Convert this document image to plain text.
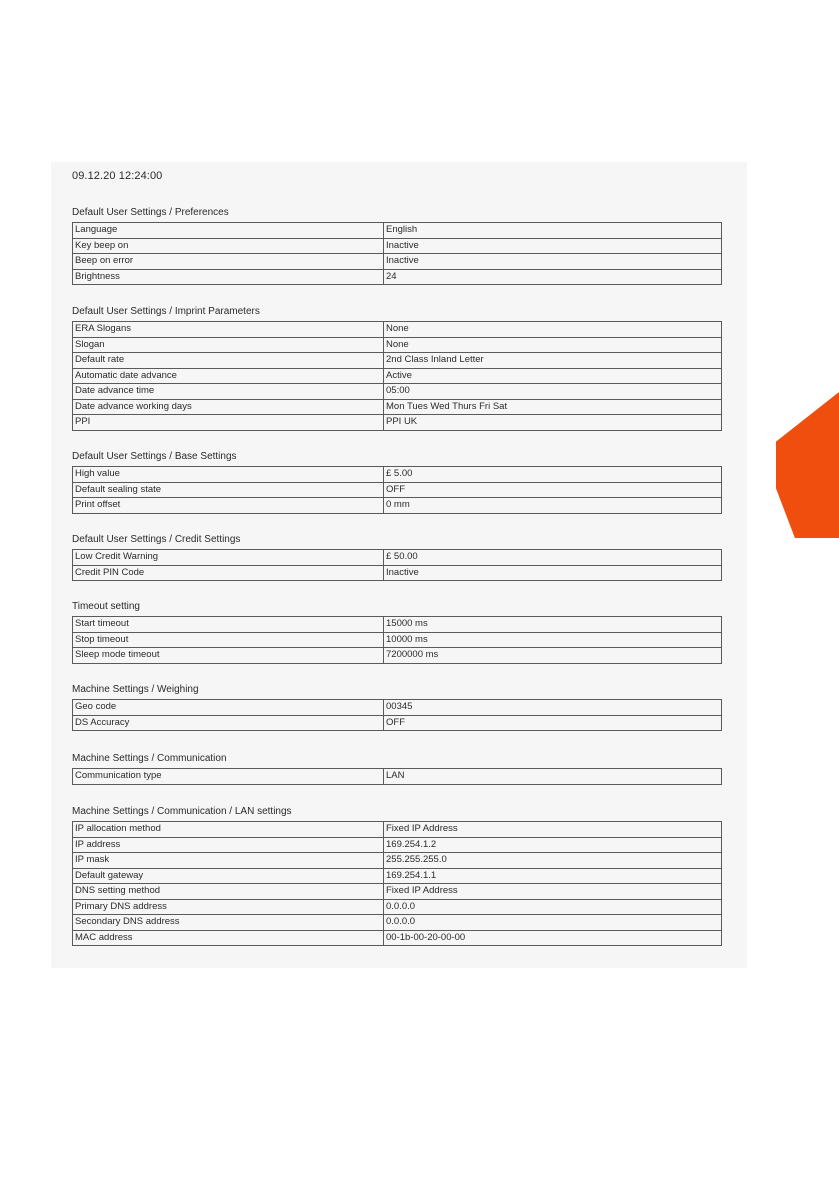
09.12.20 12:24:00
Default User Settings / Preferences
Language	English
Key beep on	Inactive
Beep on error	Inactive
Brightness	24
Default User Settings / Imprint Parameters
ERA Slogans	None
Slogan	None
Default rate	2nd Class Inland Letter
Automatic date advance	Active
Date advance time	05:00
Date advance working days	Mon Tues Wed Thurs Fri Sat
PPI	PPI UK
Default User Settings / Base Settings
High value	£ 5.00
Default sealing state	OFF
Print offset	0 mm
Default User Settings / Credit Settings
Low Credit Warning	£ 50.00
Credit PIN Code	Inactive
Timeout setting
Start timeout	15000 ms
Stop timeout	10000 ms
Sleep mode timeout	7200000 ms
Machine Settings / Weighing
Geo code	00345
DS Accuracy	OFF
Machine Settings / Communication
Communication type	LAN
Machine Settings / Communication / LAN settings
IP allocation method	Fixed IP Address
IP address	169.254.1.2
IP mask	255.255.255.0
Default gateway	169.254.1.1
DNS setting method	Fixed IP Address
Primary DNS address	0.0.0.0
Secondary DNS address	0.0.0.0
MAC address	00-1b-00-20-00-00
